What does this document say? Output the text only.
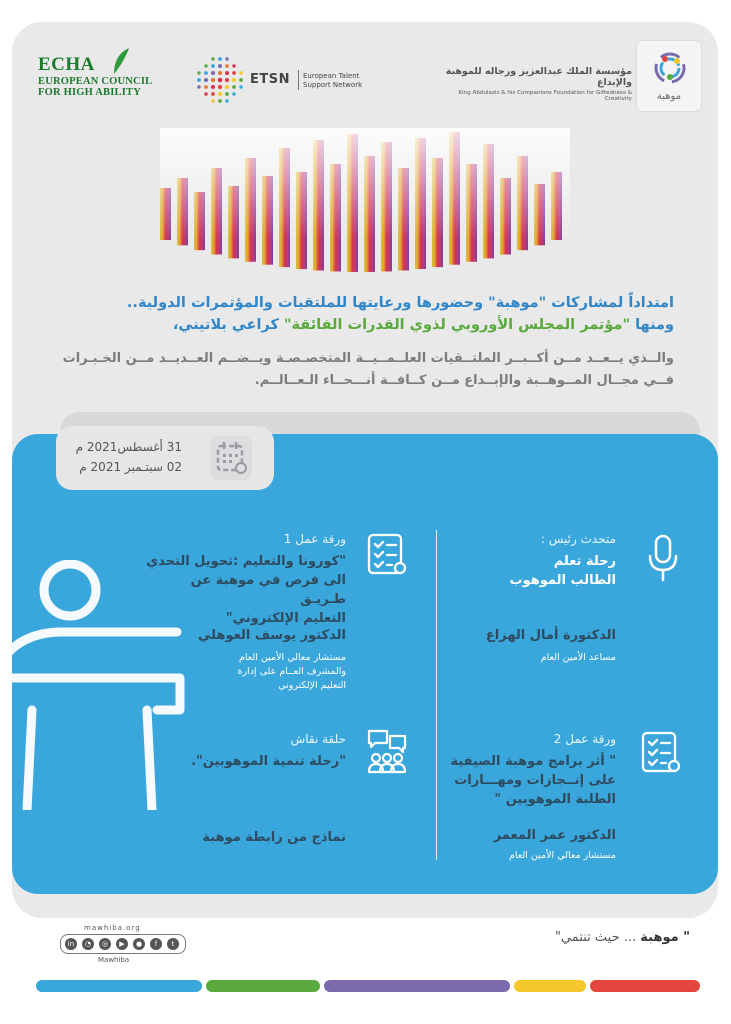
موهبة
مؤسسة الملك عبدالعزيز ورجاله للموهبة والإبداع
King Abdulaziz & his Companions Foundation for Giftedness & Creativity
ETSN European Talent
Support Network
ECHA
EUROPEAN COUNCIL
FOR HIGH ABILITY
امتداداً لمشاركات "موهبة" وحضورها ورعايتها للملتقيات والمؤتمرات الدولية..
ومنها "مؤتمر المجلس الأوروبي لذوي القدرات الفائقة" كراعي بلاتيني،
والــذي يــعــد مــن أكــبــر الملتــقيات العلــمــيــة المتخصـصـة ويــضــم العــديــد مــن الخـبـرات فــي مجــال المــوهــبة والإبــداع مــن كــافــة أنـــحــاء الـعــالــم.
31 أغسطس2021 م
02 سبتـمبر 2021 م
متحدث رئيس :
رحلة تعلم
الطالب الموهوب
الدكتورة أمال الهزاع
مساعد الأمين العام
ورقة عمل 1
"كورونا والتعليم :تحويل التحدي
الى فرص في موهبة عن طـريـق
التعليم الإلكتروني"
الدكتور يوسف العوهلي
مستشار معالي الأمين العام
والمشرف العــام على إدارة
التعليم الإلكتروني
ورقة عمل 2
" أثر برامج موهبة الصيفية
على إنــجازات ومهـــارات
الطلبة الموهوبين "
الدكتور عمر المعمر
مستشار معالي الأمين العام
حلقة نقاش
"رحلة تنمية الموهوبين".
نماذج من رابطة موهبة
mawhiba.org
in	◔	◎	▶	●	f	t
Mawhiba
" موهبة ... حيث تنتمي"
